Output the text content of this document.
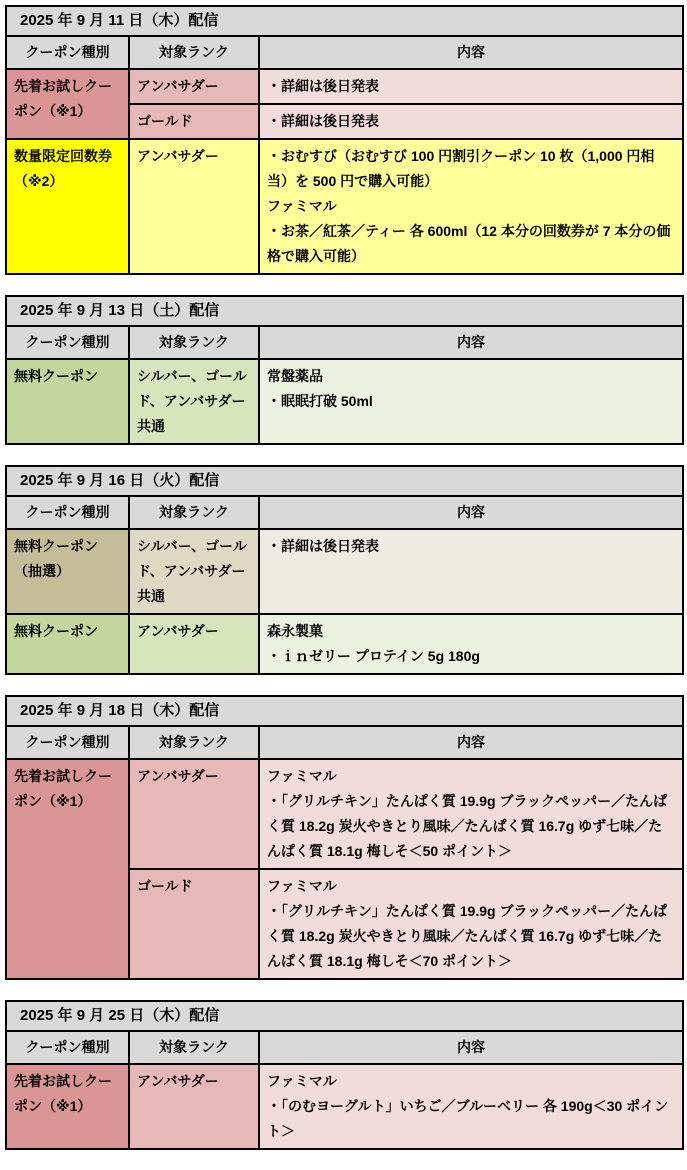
2025 年 9 月 11 日（木）配信		
クーポン種別	対象ランク	内容
先着お試しクーポン（※1）	アンバサダー	・詳細は後日発表

	ゴールド	・詳細は後日発表

数量限定回数券（※2）	アンバサダー	・おむすび（おむすび 100 円割引クーポン 10 枚（1,000 円相当）を 500 円で購入可能）
ファミマル
・お茶／紅茶／ティー 各 600ml（12 本分の回数券が 7 本分の価格で購入可能）
2025 年 9 月 13 日（土）配信		
クーポン種別	対象ランク	内容
無料クーポン	シルバー、ゴールド、アンバサダー共通	常盤薬品
・眠眠打破 50ml
2025 年 9 月 16 日（火）配信		
クーポン種別	対象ランク	内容
無料クーポン（抽選）	シルバー、ゴールド、アンバサダー共通	・詳細は後日発表

無料クーポン	アンバサダー	森永製菓
・ｉｎゼリー プロテイン 5g 180g
2025 年 9 月 18 日（木）配信		
クーポン種別	対象ランク	内容
先着お試しクーポン（※1）	アンバサダー	ファミマル
・「グリルチキン」たんぱく質 19.9g ブラックペッパー／たんぱく質 18.2g 炭火やきとり風味／たんぱく質 16.7g ゆず七味／たんぱく質 18.1g 梅しそ＜50 ポイント＞

	ゴールド	ファミマル
・「グリルチキン」たんぱく質 19.9g ブラックペッパー／たんぱく質 18.2g 炭火やきとり風味／たんぱく質 16.7g ゆず七味／たんぱく質 18.1g 梅しそ＜70 ポイント＞
2025 年 9 月 25 日（木）配信		
クーポン種別	対象ランク	内容
先着お試しクーポン（※1）	アンバサダー	ファミマル
・「のむヨーグルト」いちご／ブルーベリー 各 190g＜30 ポイント＞
